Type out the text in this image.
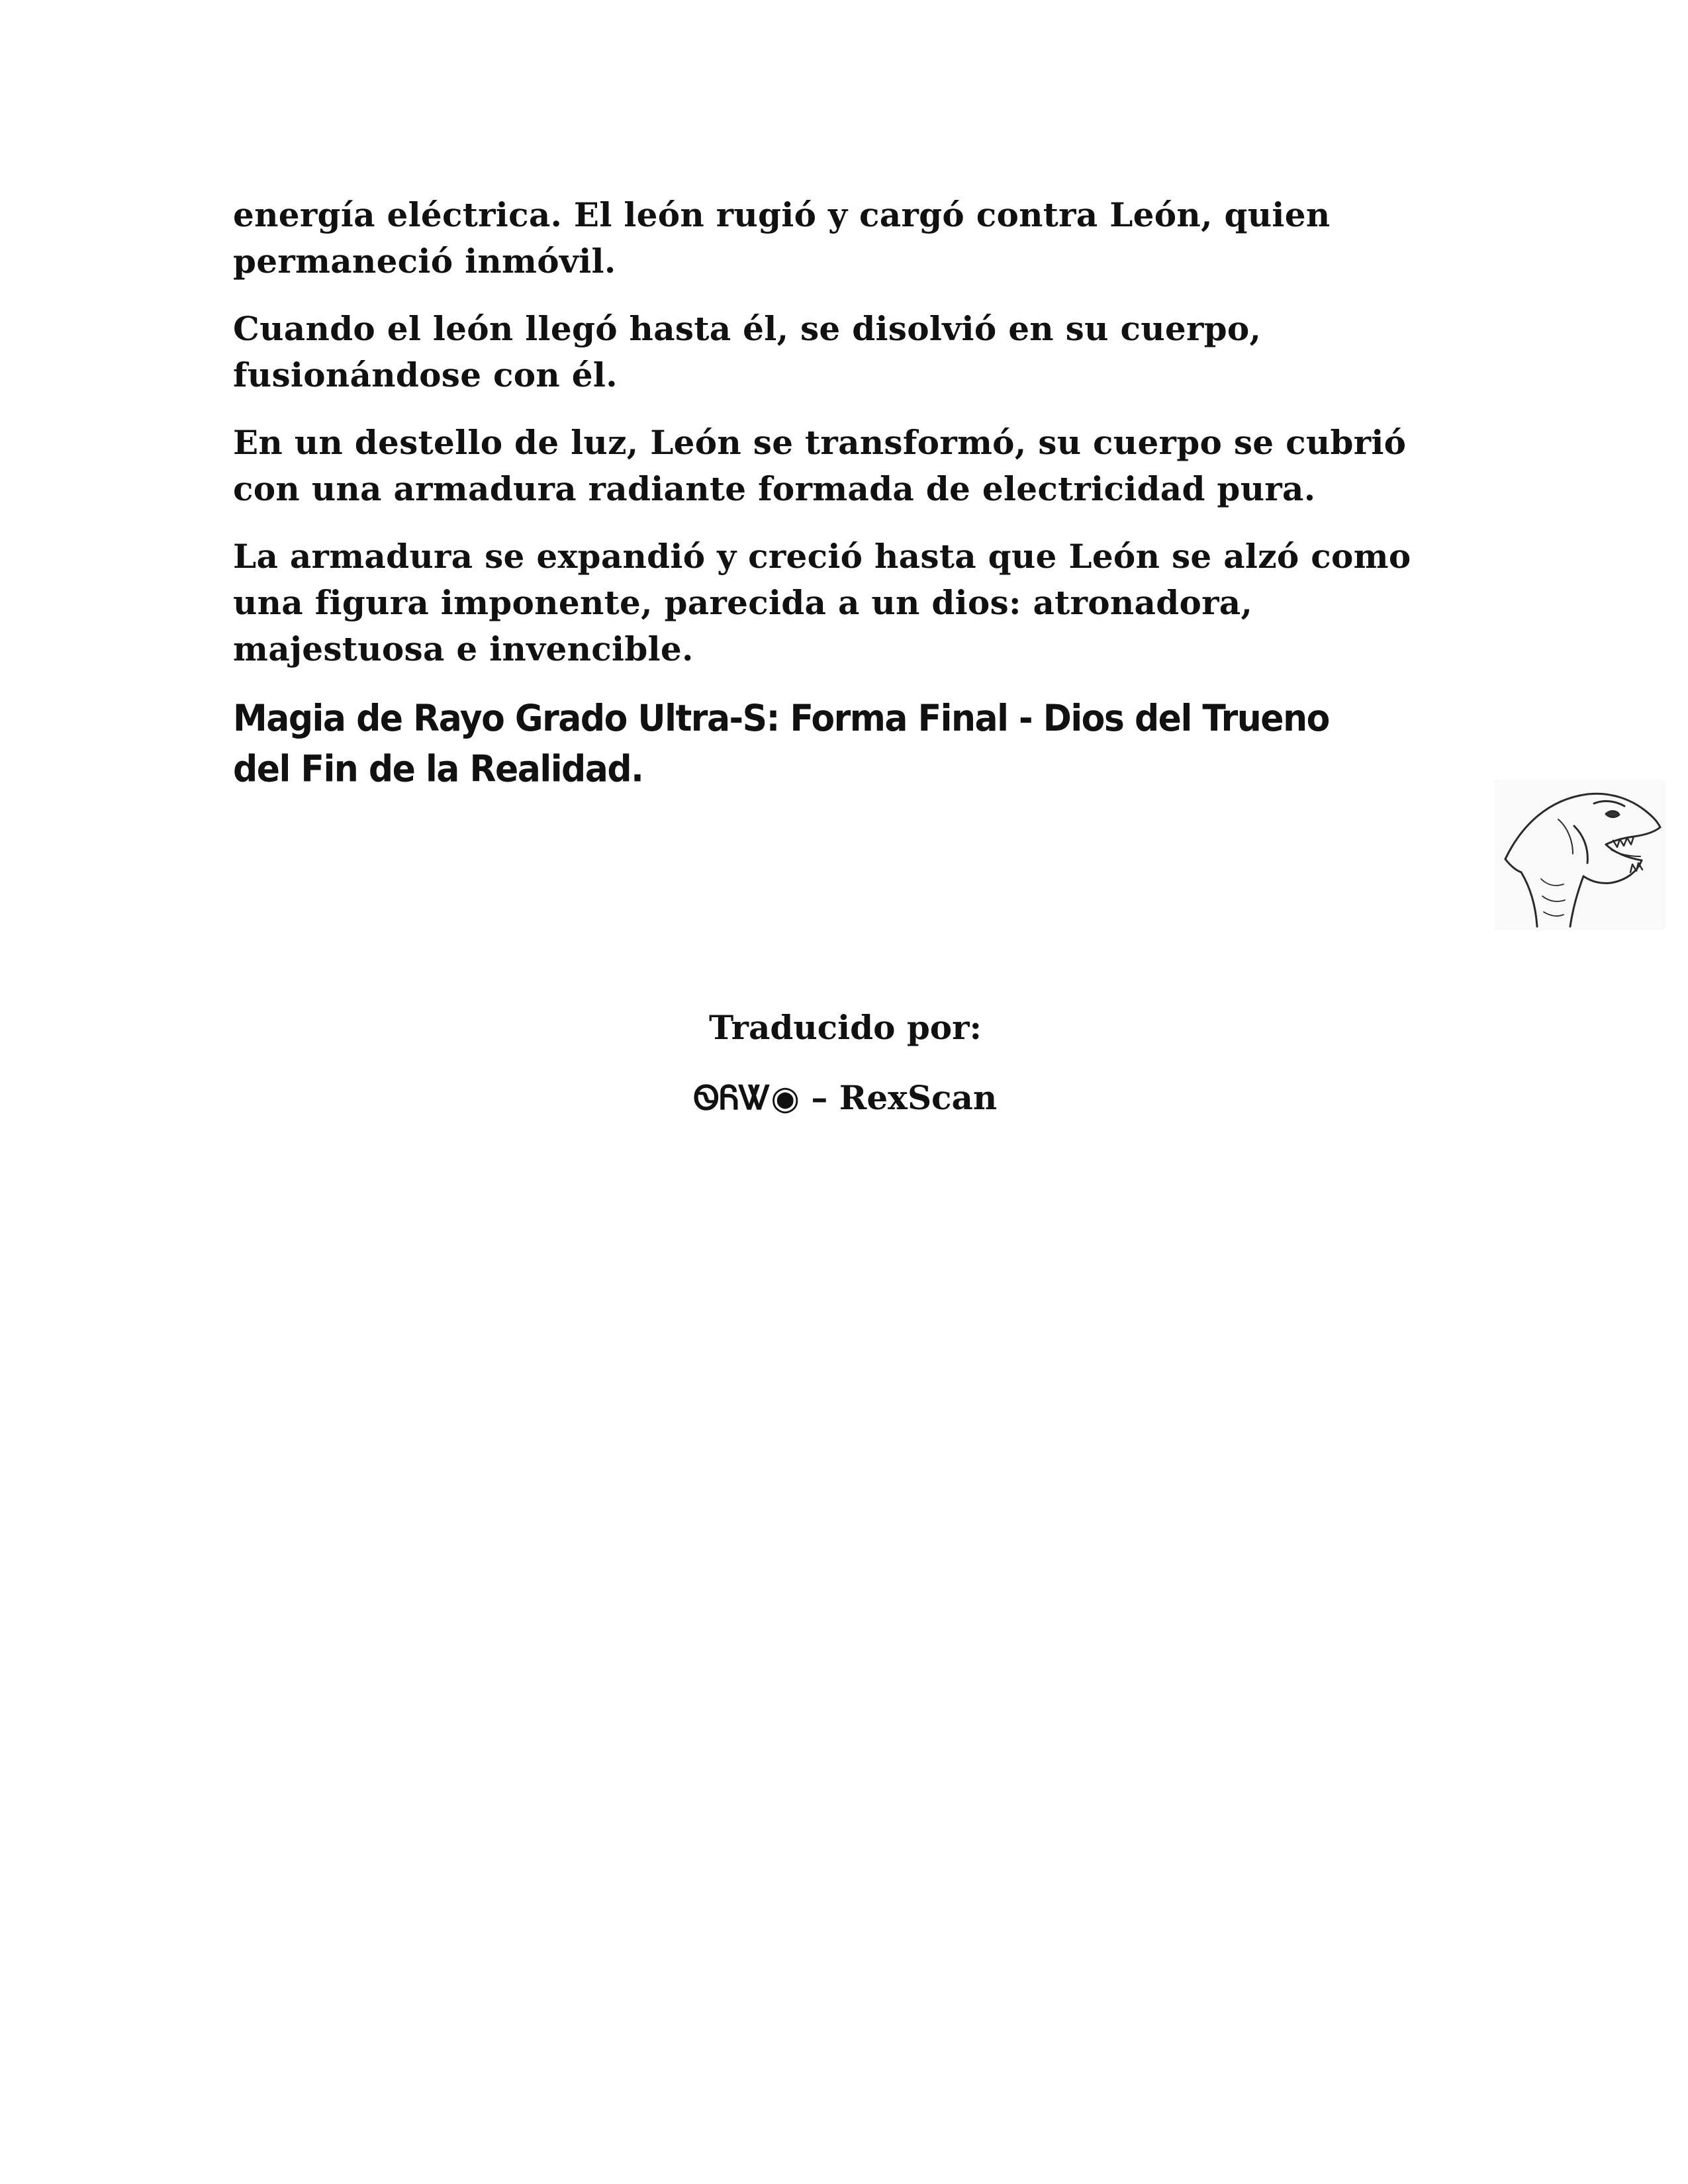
energía eléctrica. El león rugió y cargó contra León, quien
permaneció inmóvil.

Cuando el león llegó hasta él, se disolvió en su cuerpo,
fusionándose con él.

En un destello de luz, León se transformó, su cuerpo se cubrió
con una armadura radiante formada de electricidad pura.

La armadura se expandió y creció hasta que León se alzó como
una figura imponente, parecida a un dios: atronadora,
majestuosa e invencible.

Magia de Rayo Grado Ultra-S: Forma Final - Dios del Trueno
del Fin de la Realidad.

Traducido por:
ᏫᏲᏔ◉ – RexScan
